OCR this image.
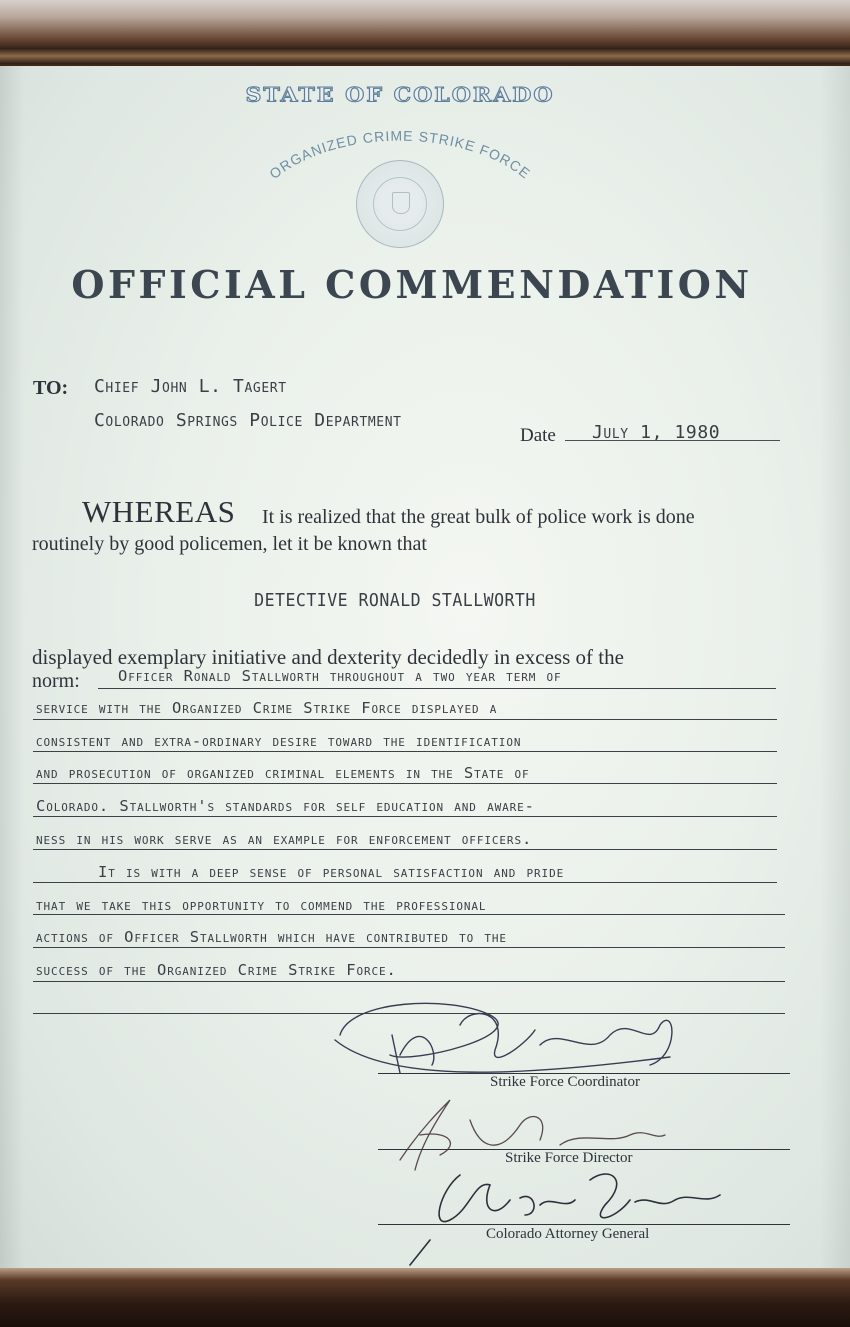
STATE OF COLORADO
ORGANIZED CRIME STRIKE FORCE
OFFICIAL COMMENDATION
TO: Chief John L. Tagert
Colorado Springs Police Department
Date July 1, 1980
WHEREAS It is realized that the great bulk of police work is done
routinely by good policemen, let it be known that
DETECTIVE RONALD STALLWORTH
displayed exemplary initiative and dexterity decidedly in excess of the
norm: Officer Ronald Stallworth throughout a two year term of
service with the Organized Crime Strike Force displayed a
consistent and extra-ordinary desire toward the identification
and prosecution of organized criminal elements in the State of
Colorado. Stallworth's standards for self education and aware-
ness in his work serve as an example for enforcement officers.
It is with a deep sense of personal satisfaction and pride
that we take this opportunity to commend the professional
actions of Officer Stallworth which have contributed to the
success of the Organized Crime Strike Force.
Strike Force Coordinator
Strike Force Director
Colorado Attorney General
